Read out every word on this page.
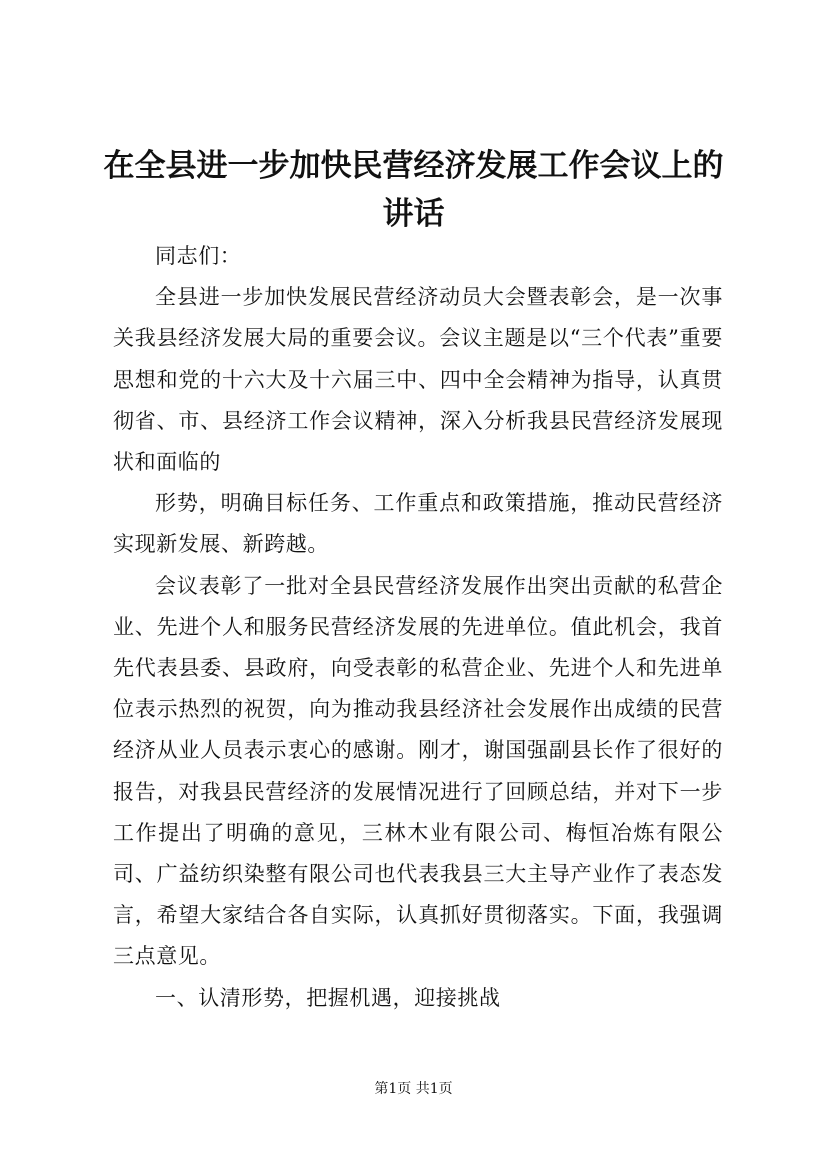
在全县进一步加快民营经济发展工作会议上的讲话

同志们：

全县进一步加快发展民营经济动员大会暨表彰会，是一次事关我县经济发展大局的重要会议。会议主题是以“三个代表”重要思想和党的十六大及十六届三中、四中全会精神为指导，认真贯彻省、市、县经济工作会议精神，深入分析我县民营经济发展现状和面临的

形势，明确目标任务、工作重点和政策措施，推动民营经济实现新发展、新跨越。

会议表彰了一批对全县民营经济发展作出突出贡献的私营企业、先进个人和服务民营经济发展的先进单位。值此机会，我首先代表县委、县政府，向受表彰的私营企业、先进个人和先进单位表示热烈的祝贺，向为推动我县经济社会发展作出成绩的民营经济从业人员表示衷心的感谢。刚才，谢国强副县长作了很好的报告，对我县民营经济的发展情况进行了回顾总结，并对下一步工作提出了明确的意见，三林木业有限公司、梅恒冶炼有限公司、广益纺织染整有限公司也代表我县三大主导产业作了表态发言，希望大家结合各自实际，认真抓好贯彻落实。下面，我强调三点意见。

一、认清形势，把握机遇，迎接挑战

第1页 共1页
